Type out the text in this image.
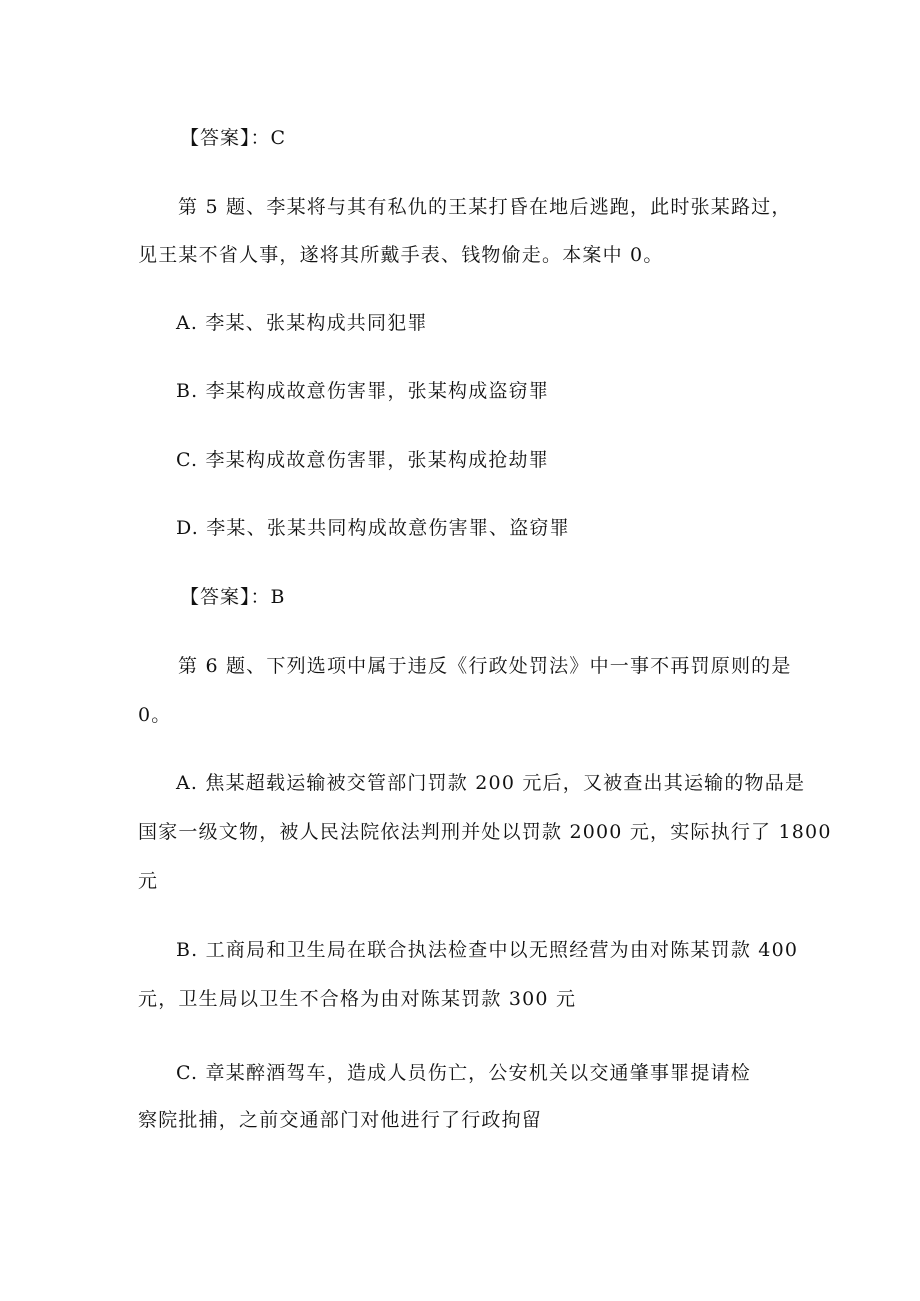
【答案】：C
第 5 题、李某将与其有私仇的王某打昏在地后逃跑，此时张某路过，
见王某不省人事，遂将其所戴手表、钱物偷走。本案中 0。
A. 李某、张某构成共同犯罪
B. 李某构成故意伤害罪，张某构成盗窃罪
C. 李某构成故意伤害罪，张某构成抢劫罪
D. 李某、张某共同构成故意伤害罪、盗窃罪
【答案】：B
第 6 题、下列选项中属于违反《行政处罚法》中一事不再罚原则的是
0。
A. 焦某超载运输被交管部门罚款 200 元后，又被查出其运输的物品是
国家一级文物，被人民法院依法判刑并处以罚款 2000 元，实际执行了 1800
元
B. 工商局和卫生局在联合执法检查中以无照经营为由对陈某罚款 400
元，卫生局以卫生不合格为由对陈某罚款 300 元
C. 章某醉酒驾车，造成人员伤亡，公安机关以交通肇事罪提请检
察院批捕，之前交通部门对他进行了行政拘留
